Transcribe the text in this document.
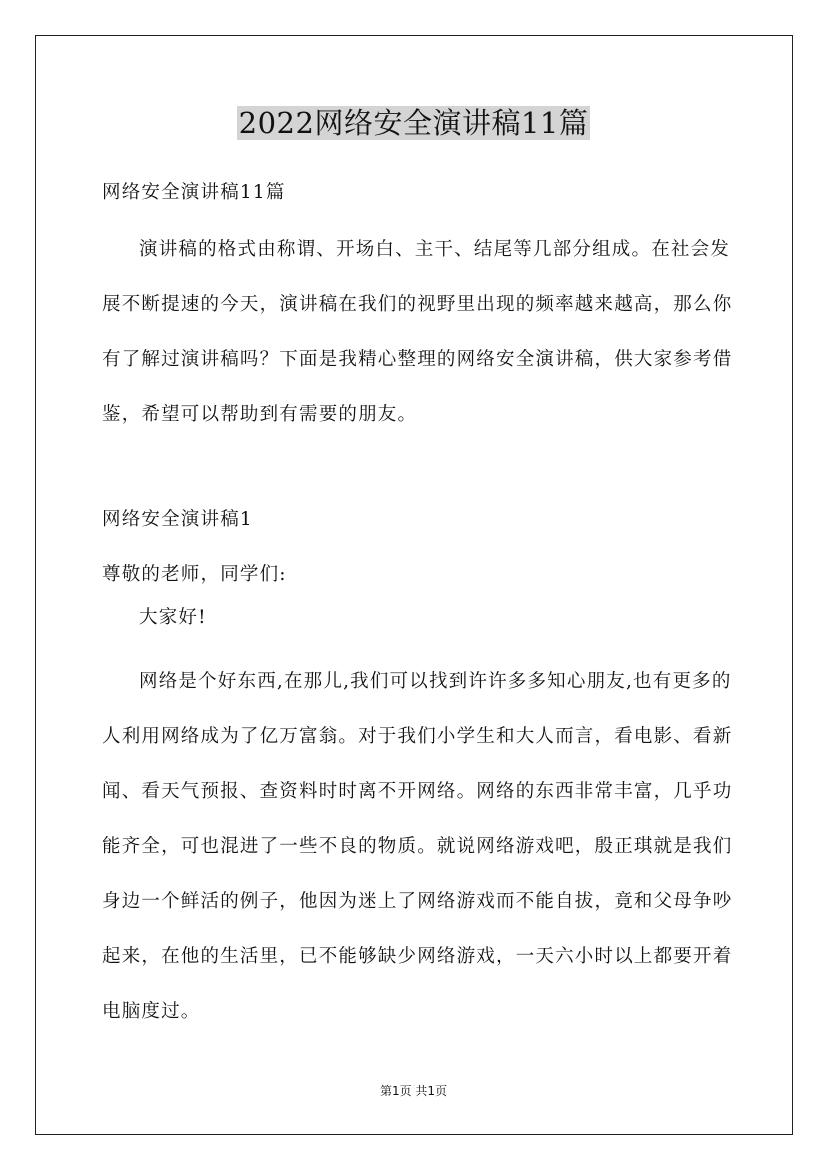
2022网络安全演讲稿11篇
网络安全演讲稿11篇
演讲稿的格式由称谓、开场白、主干、结尾等几部分组成。在社会发展不断提速的今天，演讲稿在我们的视野里出现的频率越来越高，那么你有了解过演讲稿吗？下面是我精心整理的网络安全演讲稿，供大家参考借鉴，希望可以帮助到有需要的朋友。
网络安全演讲稿1
尊敬的老师，同学们:
大家好!
网络是个好东西,在那儿,我们可以找到许许多多知心朋友,也有更多的人利用网络成为了亿万富翁。对于我们小学生和大人而言，看电影、看新闻、看天气预报、查资料时时离不开网络。网络的东西非常丰富，几乎功能齐全，可也混进了一些不良的物质。就说网络游戏吧，殷正琪就是我们身边一个鲜活的例子，他因为迷上了网络游戏而不能自拔，竟和父母争吵起来，在他的生活里，已不能够缺少网络游戏，一天六小时以上都要开着电脑度过。
第1页 共1页
